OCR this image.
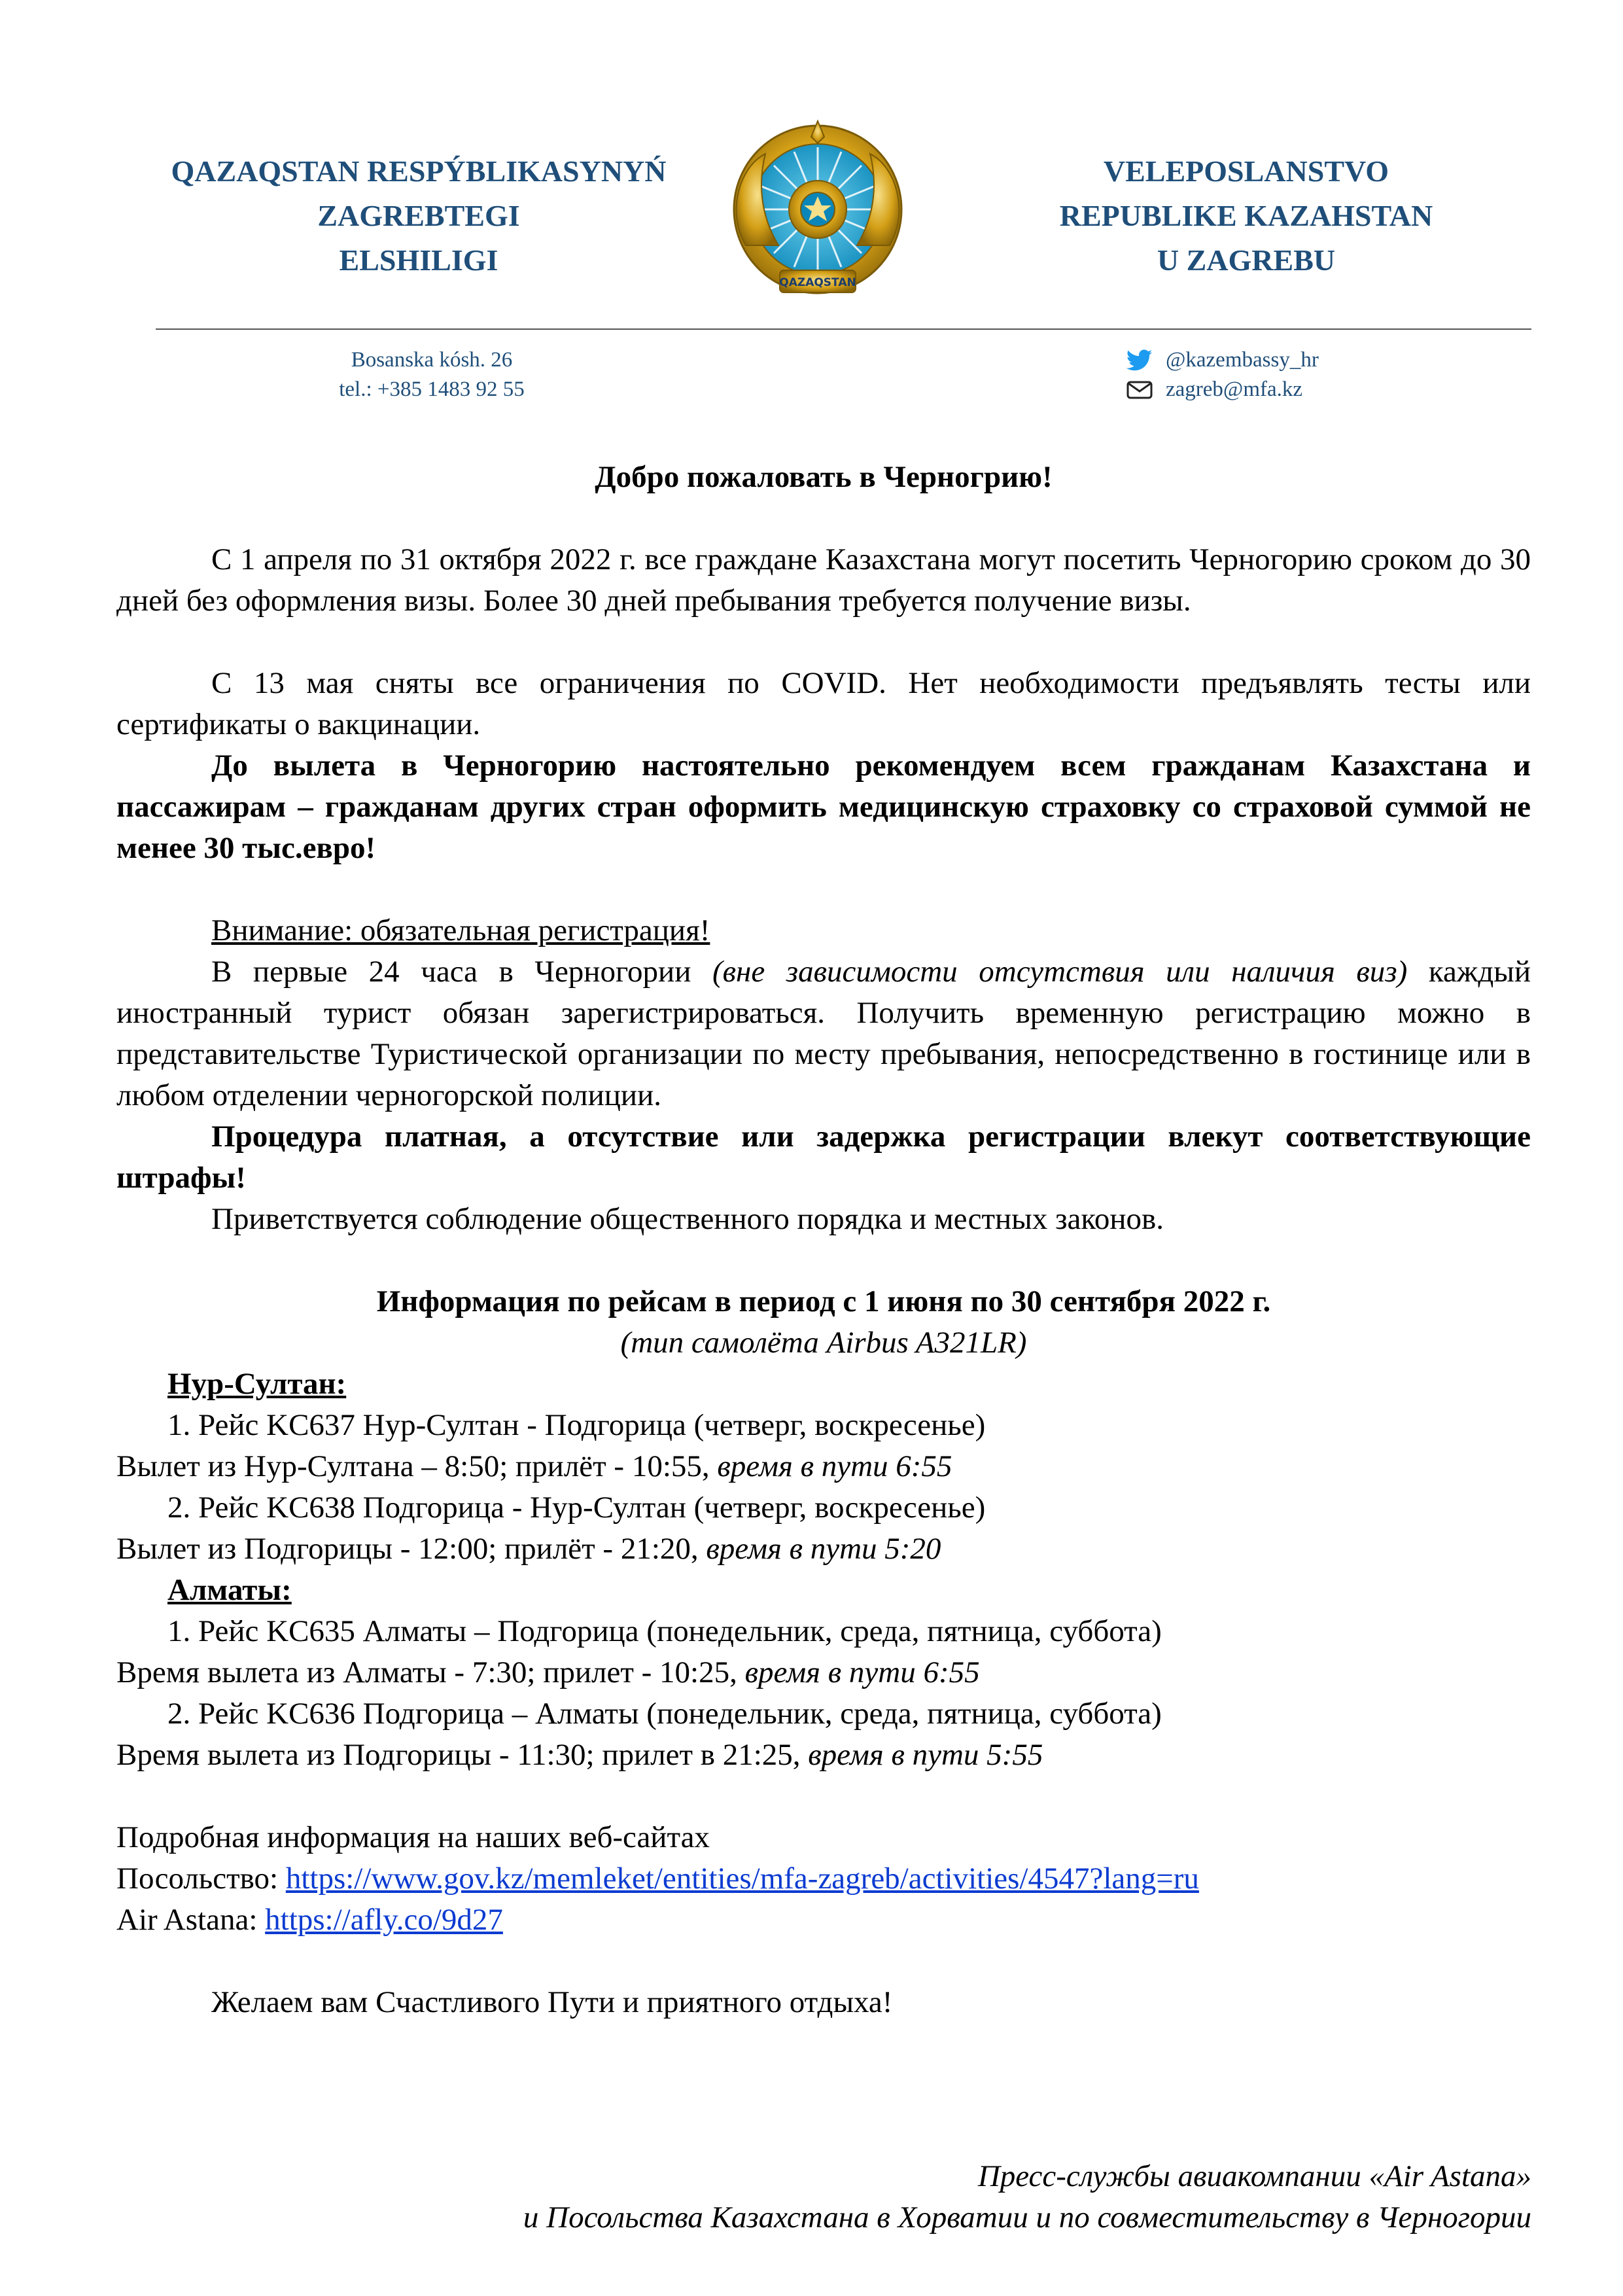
QAZAQSTAN RESPÝBLIKASYNYŃ
ZAGREBTEGI
ELSHILIGI
QAZAQSTAN
VELEPOSLANSTVO
REPUBLIKE KAZAHSTAN
U ZAGREBU
Bosanska kósh. 26
tel.: +385 1483 92 55
@kazembassy_hr
zagreb@mfa.kz

Добро пожаловать в Черногрию!

С 1 апреля по 31 октября 2022 г. все граждане Казахстана могут посетить Черногорию сроком до 30 дней без оформления визы. Более 30 дней пребывания требуется получение визы.

С 13 мая сняты все ограничения по COVID. Нет необходимости предъявлять тесты или сертификаты о вакцинации.

До вылета в Черногорию настоятельно рекомендуем всем гражданам Казахстана и пассажирам – гражданам других стран оформить медицинскую страховку со страховой суммой не менее 30 тыс.евро!

Внимание: обязательная регистрация!

В первые 24 часа в Черногории (вне зависимости отсутствия или наличия виз) каждый иностранный турист обязан зарегистрироваться. Получить временную регистрацию можно в представительстве Туристической организации по месту пребывания, непосредственно в гостинице или в любом отделении черногорской полиции.

Процедура платная, а отсутствие или задержка регистрации влекут соответствующие штрафы!

Приветствуется соблюдение общественного порядка и местных законов.

Информация по рейсам в период с 1 июня по 30 сентября 2022 г.

(тип самолёта Airbus A321LR)

Нур-Султан:

1. Рейс KC637 Нур-Султан - Подгорица (четверг, воскресенье)

Вылет из Нур-Султана – 8:50; прилёт - 10:55, время в пути 6:55

2. Рейс KC638 Подгорица - Нур-Султан (четверг, воскресенье)

Вылет из Подгорицы - 12:00; прилёт - 21:20, время в пути 5:20

Алматы:

1. Рейс KC635 Алматы – Подгорица (понедельник, среда, пятница, суббота)

Время вылета из Алматы - 7:30; прилет - 10:25, время в пути 6:55

2. Рейс KC636 Подгорица – Алматы (понедельник, среда, пятница, суббота)

Время вылета из Подгорицы - 11:30; прилет в 21:25, время в пути 5:55

Подробная информация на наших веб-сайтах

Посольство: https://www.gov.kz/memleket/entities/mfa-zagreb/activities/4547?lang=ru

Air Astana: https://afly.co/9d27

Желаем вам Счастливого Пути и приятного отдыха!

Пресс-службы авиакомпании «Air Astana»
и Посольства Казахстана в Хорватии и по совместительству в Черногории
